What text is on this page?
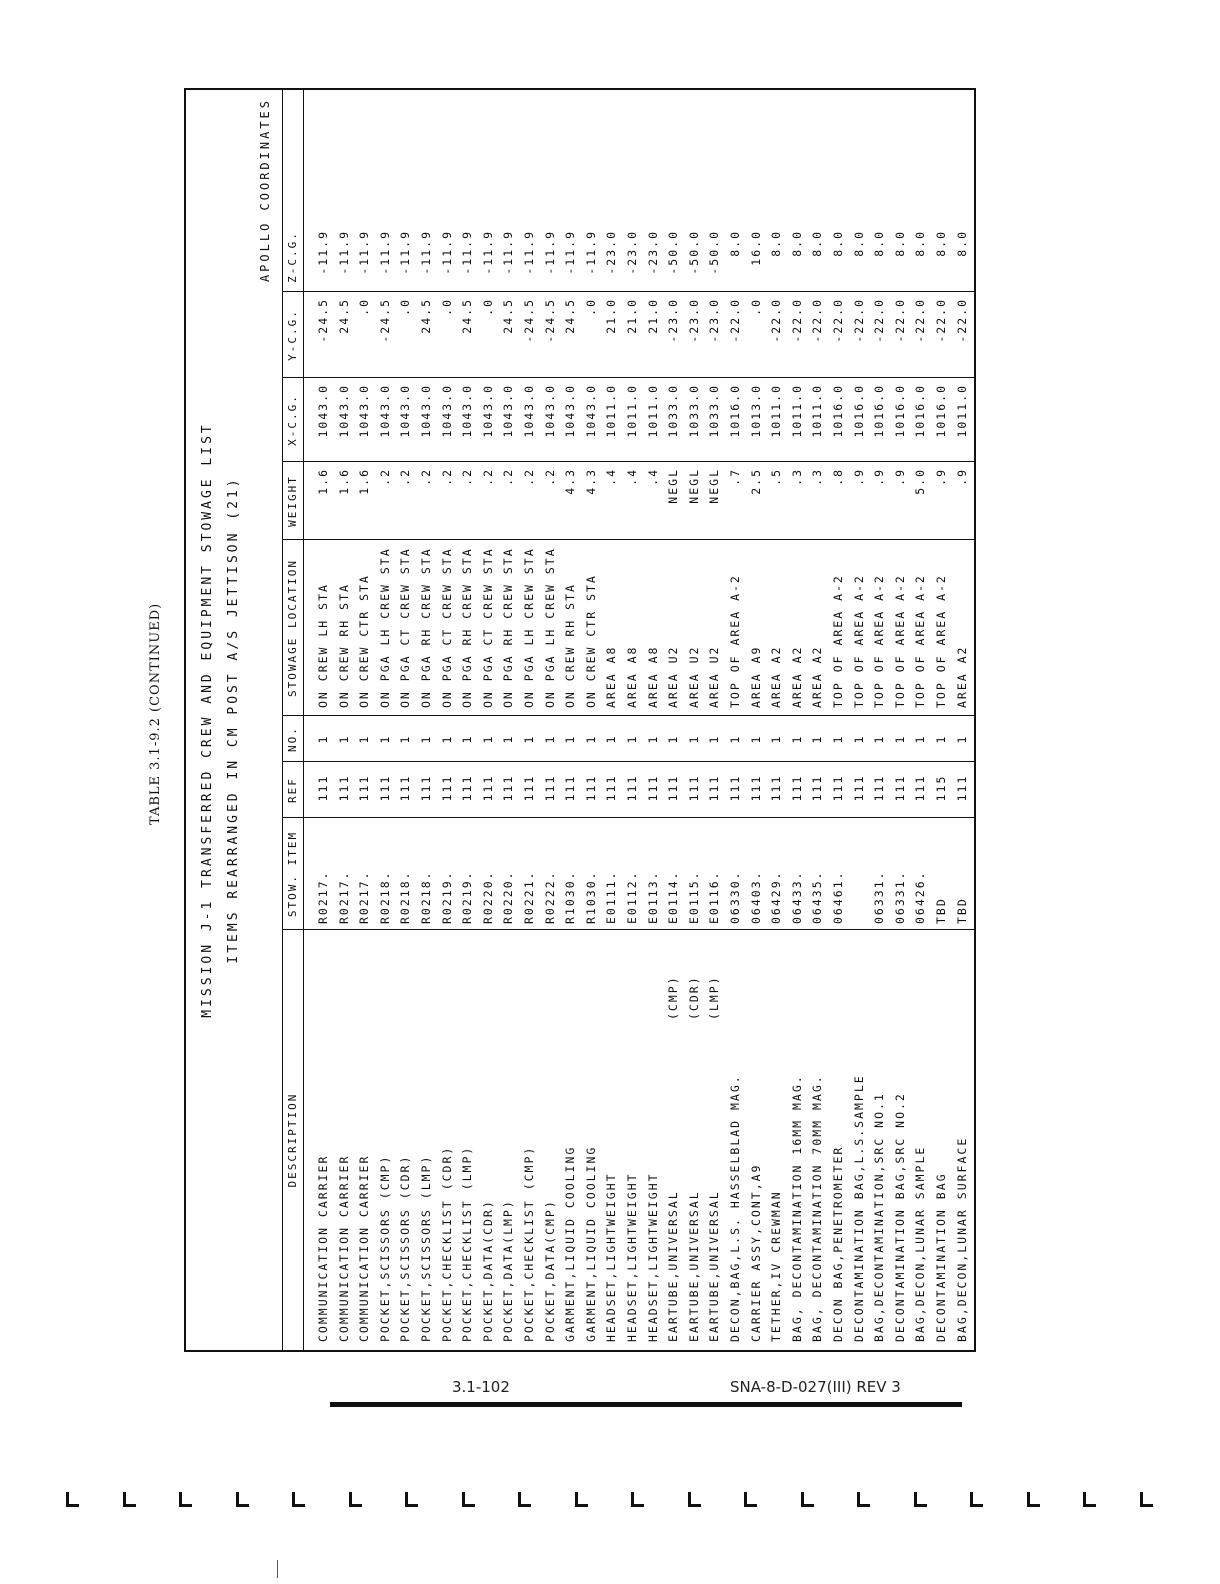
TABLE 3.1-9.2 (CONTINUED)	MISSION J-1 TRANSFERRED CREW AND EQUIPMENT STOWAGE LIST ITEMS REARRANGED IN CM POST A/S JETTISON (21)
APOLLO COORDINATES
DESCRIPTION
STOW. ITEM
REF
NO.
STOWAGE LOCATION
WEIGHT
X-C.G.
Y-C.G.
Z-C.G.
COMMUNICATION CARRIER
R0217.
111
1
ON CREW LH STA
1.6
1043.0
-24.5
-11.9
COMMUNICATION CARRIER
R0217.
111
1
ON CREW RH STA
1.6
1043.0
24.5
-11.9
COMMUNICATION CARRIER
R0217.
111
1
ON CREW CTR STA
1.6
1043.0
.0
-11.9
POCKET,SCISSORS (CMP)
R0218.
111
1
ON PGA LH CREW STA
.2
1043.0
-24.5
-11.9
POCKET,SCISSORS (CDR)
R0218.
111
1
ON PGA CT CREW STA
.2
1043.0
.0
-11.9
POCKET,SCISSORS (LMP)
R0218.
111
1
ON PGA RH CREW STA
.2
1043.0
24.5
-11.9
POCKET,CHECKLIST (CDR)
R0219.
111
1
ON PGA CT CREW STA
.2
1043.0
.0
-11.9
POCKET,CHECKLIST (LMP)
R0219.
111
1
ON PGA RH CREW STA
.2
1043.0
24.5
-11.9
POCKET,DATA(CDR)
R0220.
111
1
ON PGA CT CREW STA
.2
1043.0
.0
-11.9
POCKET,DATA(LMP)
R0220.
111
1
ON PGA RH CREW STA
.2
1043.0
24.5
-11.9
POCKET,CHECKLIST (CMP)
R0221.
111
1
ON PGA LH CREW STA
.2
1043.0
-24.5
-11.9
POCKET,DATA(CMP)
R0222.
111
1
ON PGA LH CREW STA
.2
1043.0
-24.5
-11.9
GARMENT,LIQUID COOLING
R1030.
111
1
ON CREW RH STA
4.3
1043.0
24.5
-11.9
GARMENT,LIQUID COOLING
R1030.
111
1
ON CREW CTR STA
4.3
1043.0
.0
-11.9
HEADSET,LIGHTWEIGHT
E0111.
111
1
AREA A8
.4
1011.0
21.0
-23.0
HEADSET,LIGHTWEIGHT
E0112.
111
1
AREA A8
.4
1011.0
21.0
-23.0
HEADSET,LIGHTWEIGHT
E0113.
111
1
AREA A8
.4
1011.0
21.0
-23.0
EARTUBE,UNIVERSAL
(CMP)
E0114.
111
1
AREA U2
NEGL
1033.0
-23.0
-50.0
EARTUBE,UNIVERSAL
(CDR)
E0115.
111
1
AREA U2
NEGL
1033.0
-23.0
-50.0
EARTUBE,UNIVERSAL
(LMP)
E0116.
111
1
AREA U2
NEGL
1033.0
-23.0
-50.0
DECON,BAG,L.S. HASSELBLAD MAG.
06330.
111
1
TOP OF AREA A-2
.7
1016.0
-22.0
8.0
CARRIER ASSY,CONT,A9
06403.
111
1
AREA A9
2.5
1013.0
.0
16.0
TETHER,IV CREWMAN
06429.
111
1
AREA A2
.5
1011.0
-22.0
8.0
BAG, DECONTAMINATION 16MM MAG.
06433.
111
1
AREA A2
.3
1011.0
-22.0
8.0
BAG, DECONTAMINATION 70MM MAG.
06435.
111
1
AREA A2
.3
1011.0
-22.0
8.0
DECON BAG,PENETROMETER
06461.
111
1
TOP OF AREA A-2
.8
1016.0
-22.0
8.0
DECONTAMINATION BAG,L.S.SAMPLE
111
1
TOP OF AREA A-2
.9
1016.0
-22.0
8.0
BAG,DECONTAMINATION,SRC NO.1
06331.
111
1
TOP OF AREA A-2
.9
1016.0
-22.0
8.0
DECONTAMINATION BAG,SRC NO.2
06331.
111
1
TOP OF AREA A-2
.9
1016.0
-22.0
8.0
BAG,DECON,LUNAR SAMPLE
06426.
111
1
TOP OF AREA A-2
5.0
1016.0
-22.0
8.0
DECONTAMINATION BAG
TBD
115
1
TOP OF AREA A-2
.9
1016.0
-22.0
8.0
BAG,DECON,LUNAR SURFACE
TBD
111
1
AREA A2
.9
1011.0
-22.0
8.0
3.1-102	SNA-8-D-027(III) REV 3
